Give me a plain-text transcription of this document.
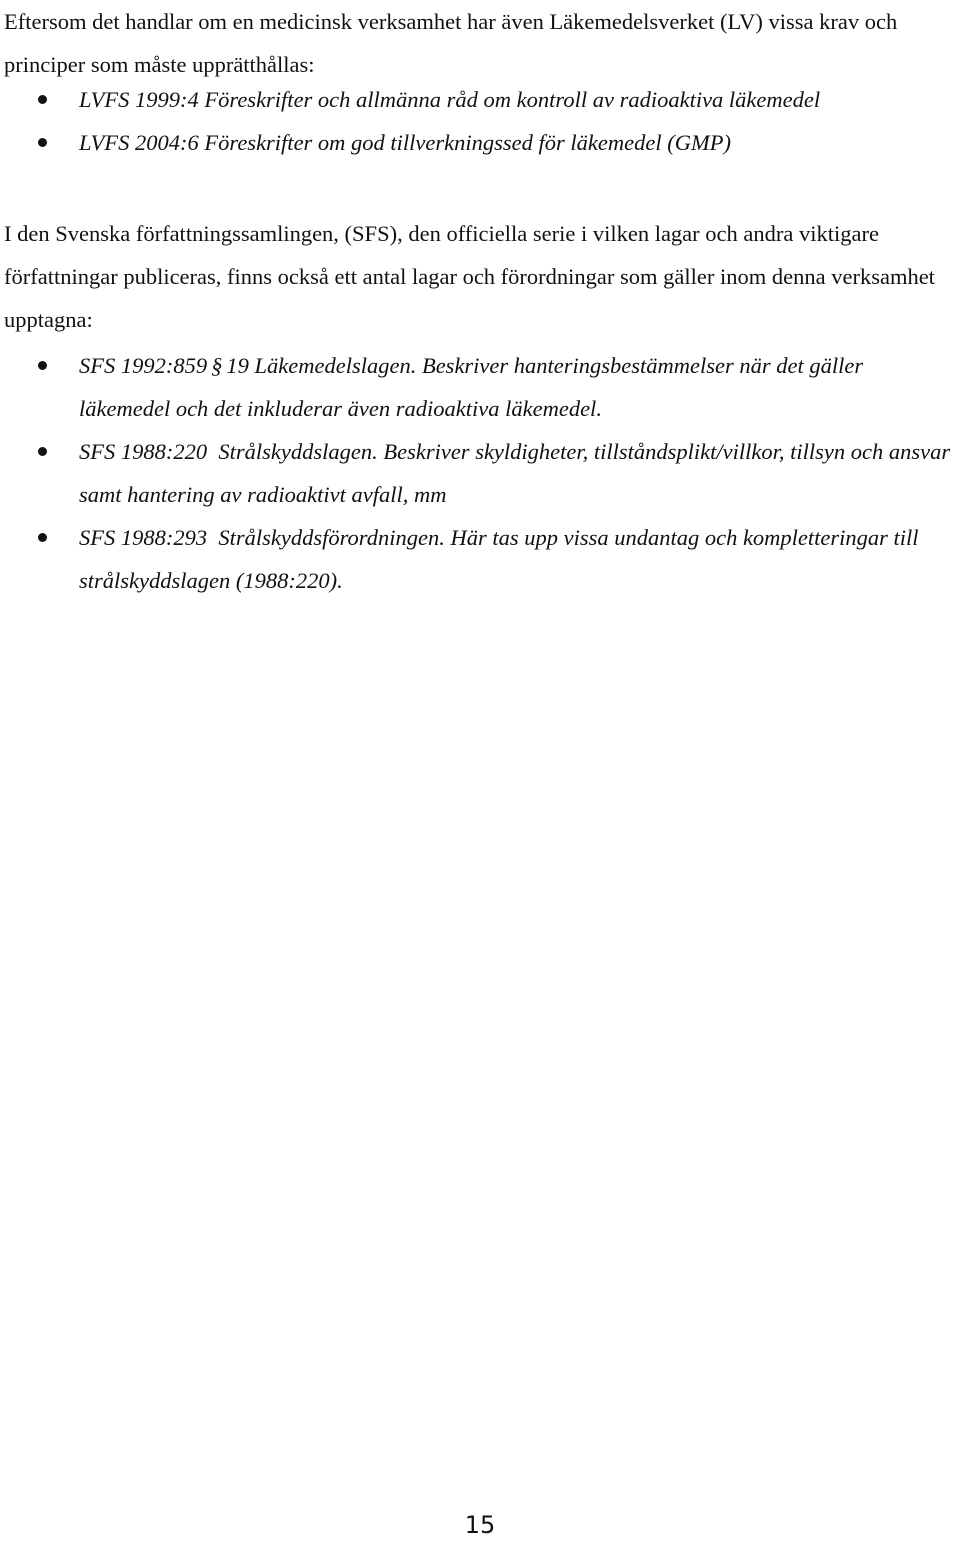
Eftersom det handlar om en medicinsk verksamhet har även Läkemedelsverket (LV) vissa krav och principer som måste upprätthållas:

LVFS 1999:4 Föreskrifter och allmänna råd om kontroll av radioaktiva läkemedel
LVFS 2004:6 Föreskrifter om god tillverkningssed för läkemedel (GMP)

I den Svenska författningssamlingen, (SFS), den officiella serie i vilken lagar och andra viktigare författningar publiceras, finns också ett antal lagar och förordningar som gäller inom denna verksamhet upptagna:

SFS 1992:859 § 19 Läkemedelslagen. Beskriver hanteringsbestämmelser när det gäller läkemedel och det inkluderar även radioaktiva läkemedel.
SFS 1988:220 Strålskyddslagen. Beskriver skyldigheter, tillståndsplikt/villkor, tillsyn och ansvar samt hantering av radioaktivt avfall, mm
SFS 1988:293 Strålskyddsförordningen. Här tas upp vissa undantag och kompletteringar till strålskyddslagen (1988:220).
15
